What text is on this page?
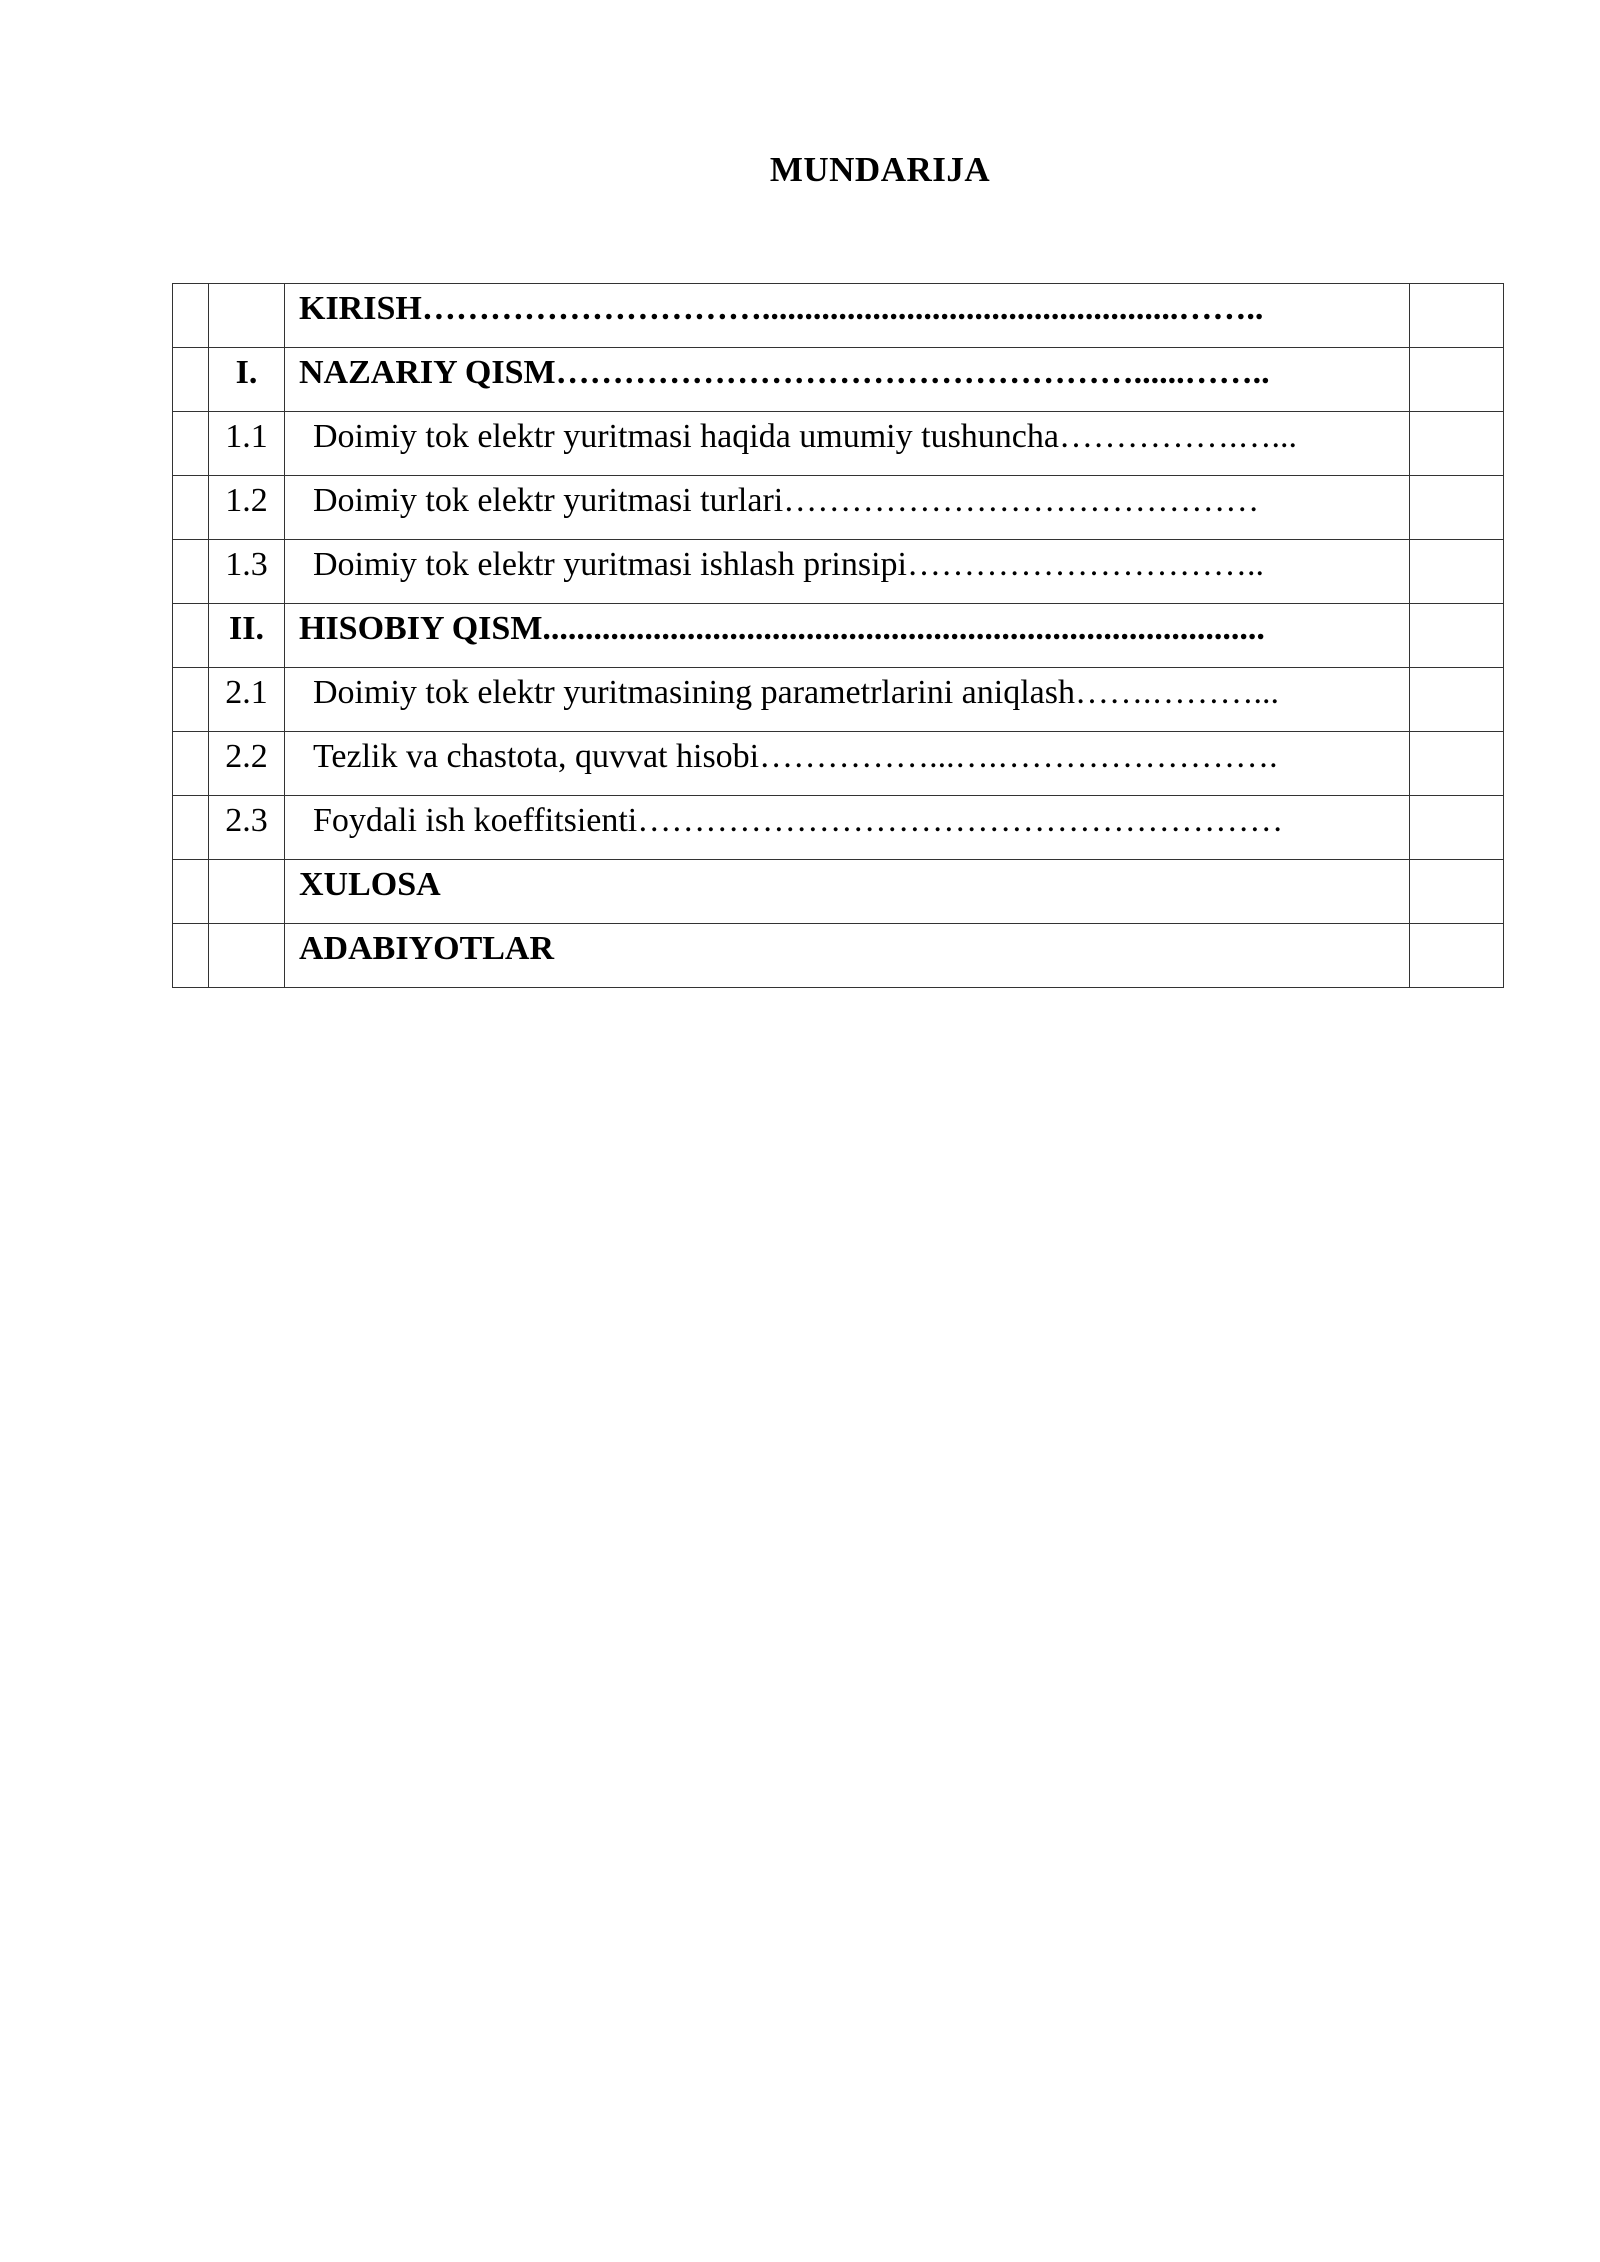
MUNDARIJA

		KIRISH………………………….................................................……..	

	I.	NAZARIY QISM……………………………………………......……..	

	1.1	Doimiy tok elektr yuritmasi haqida umumiy tushuncha…………….…...	

	1.2	Doimiy tok elektr yuritmasi turlari……………………………………	

	1.3	Doimiy tok elektr yuritmasi ishlash prinsipi…………………………..	

	II.	HISOBIY QISM.....................................................................................	

	2.1	Doimiy tok elektr yuritmasining parametrlarini aniqlash…….………...	

	2.2	Tezlik va chastota, quvvat hisobi……………...….…………………….	

	2.3	Foydali ish koeffitsienti…………………………………………………	

		XULOSA	

		ADABIYOTLAR	
